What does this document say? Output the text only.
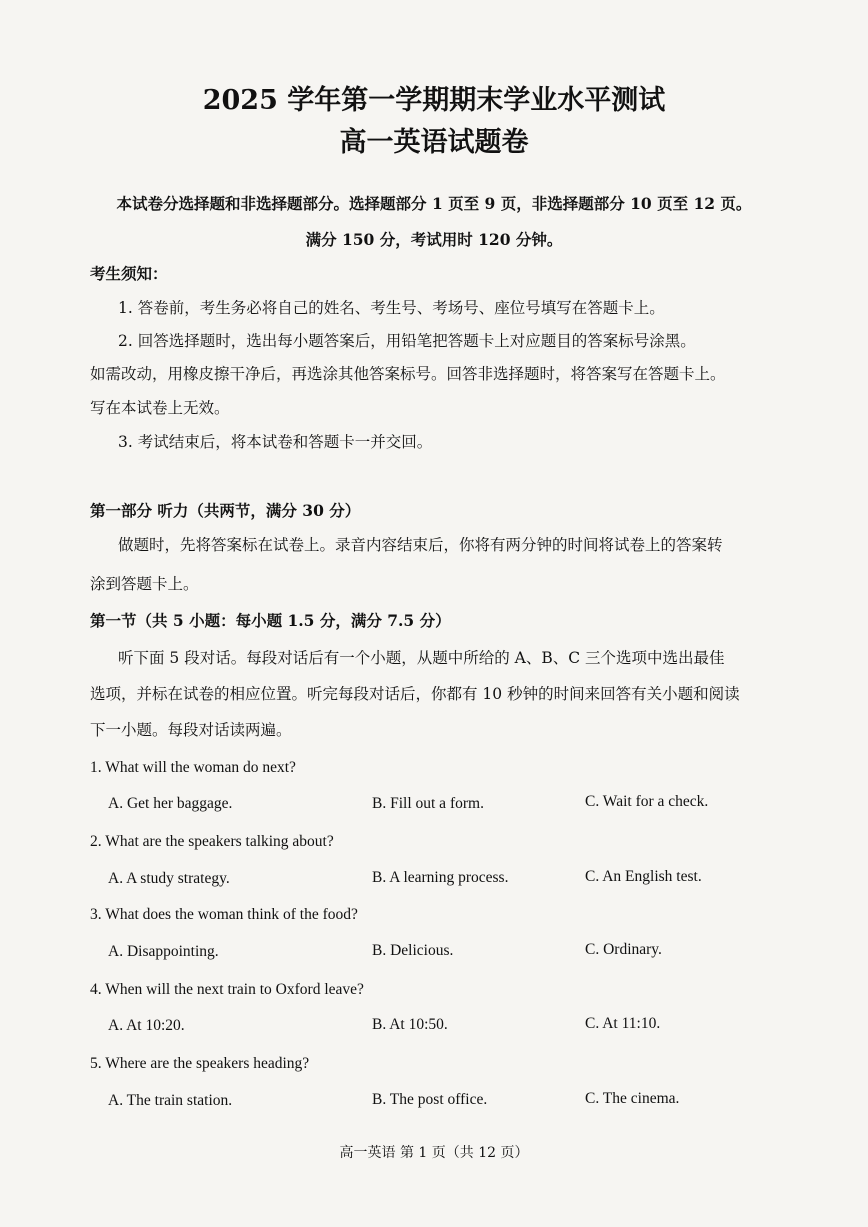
2025 学年第一学期期末学业水平测试
高一英语试题卷
本试卷分选择题和非选择题部分。选择题部分 1 页至 9 页，非选择题部分 10 页至 12 页。
满分 150 分，考试用时 120 分钟。
考生须知：
1. 答卷前，考生务必将自己的姓名、考生号、考场号、座位号填写在答题卡上。
2. 回答选择题时，选出每小题答案后，用铅笔把答题卡上对应题目的答案标号涂黑。
如需改动，用橡皮擦干净后，再选涂其他答案标号。回答非选择题时，将答案写在答题卡上。
写在本试卷上无效。
3. 考试结束后，将本试卷和答题卡一并交回。
第一部分 听力（共两节，满分 30 分）
做题时，先将答案标在试卷上。录音内容结束后，你将有两分钟的时间将试卷上的答案转
涂到答题卡上。
第一节（共 5 小题：每小题 1.5 分，满分 7.5 分）
听下面 5 段对话。每段对话后有一个小题，从题中所给的 A、B、C 三个选项中选出最佳
选项，并标在试卷的相应位置。听完每段对话后，你都有 10 秒钟的时间来回答有关小题和阅读
下一小题。每段对话读两遍。
1. What will the woman do next?
A. Get her baggage.	B. Fill out a form.	C. Wait for a check.
2. What are the speakers talking about?
A. A study strategy.	B. A learning process.	C. An English test.
3. What does the woman think of the food?
A. Disappointing.	B. Delicious.	C. Ordinary.
4. When will the next train to Oxford leave?
A. At 10:20.	B. At 10:50.	C. At 11:10.
5. Where are the speakers heading?
A. The train station.	B. The post office.	C. The cinema.
高一英语 第 1 页（共 12 页）
